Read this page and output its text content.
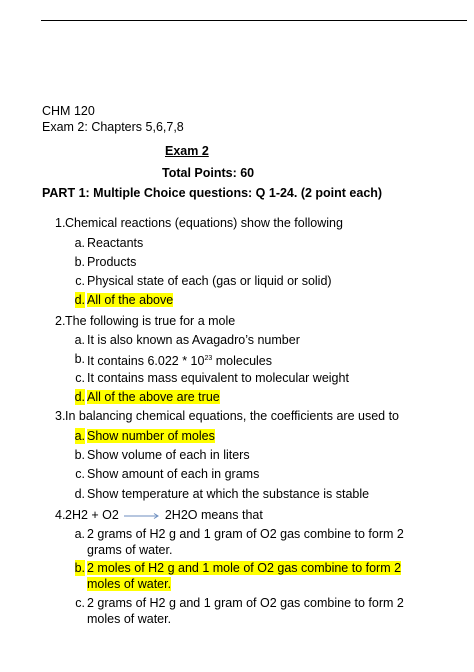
CHM 120
Exam 2: Chapters 5,6,7,8
Exam 2
Total Points: 60
PART 1: Multiple Choice questions: Q 1-24. (2 point each)
1. Chemical reactions (equations) show the following
a. Reactants
b. Products
c. Physical state of each (gas or liquid or solid)
d. All of the above
2. The following is true for a mole
a. It is also known as Avagadro’s number
b. It contains $6.022 * 10^{23}$ molecules
c. It contains mass equivalent to molecular weight
d. All of the above are true
3. In balancing chemical equations, the coefficients are used to
a. Show number of moles
b. Show volume of each in liters
c. Show amount of each in grams
d. Show temperature at which the substance is stable
4. 2H2 + O2	2H2O means that
a. 2 grams of H2 g and 1 gram of O2 gas combine to form 2 grams of water.
b. 2 moles of H2 g and 1 mole of O2 gas combine to form 2 moles of water.
c. 2 grams of H2 g and 1 gram of O2 gas combine to form 2 moles of water.
